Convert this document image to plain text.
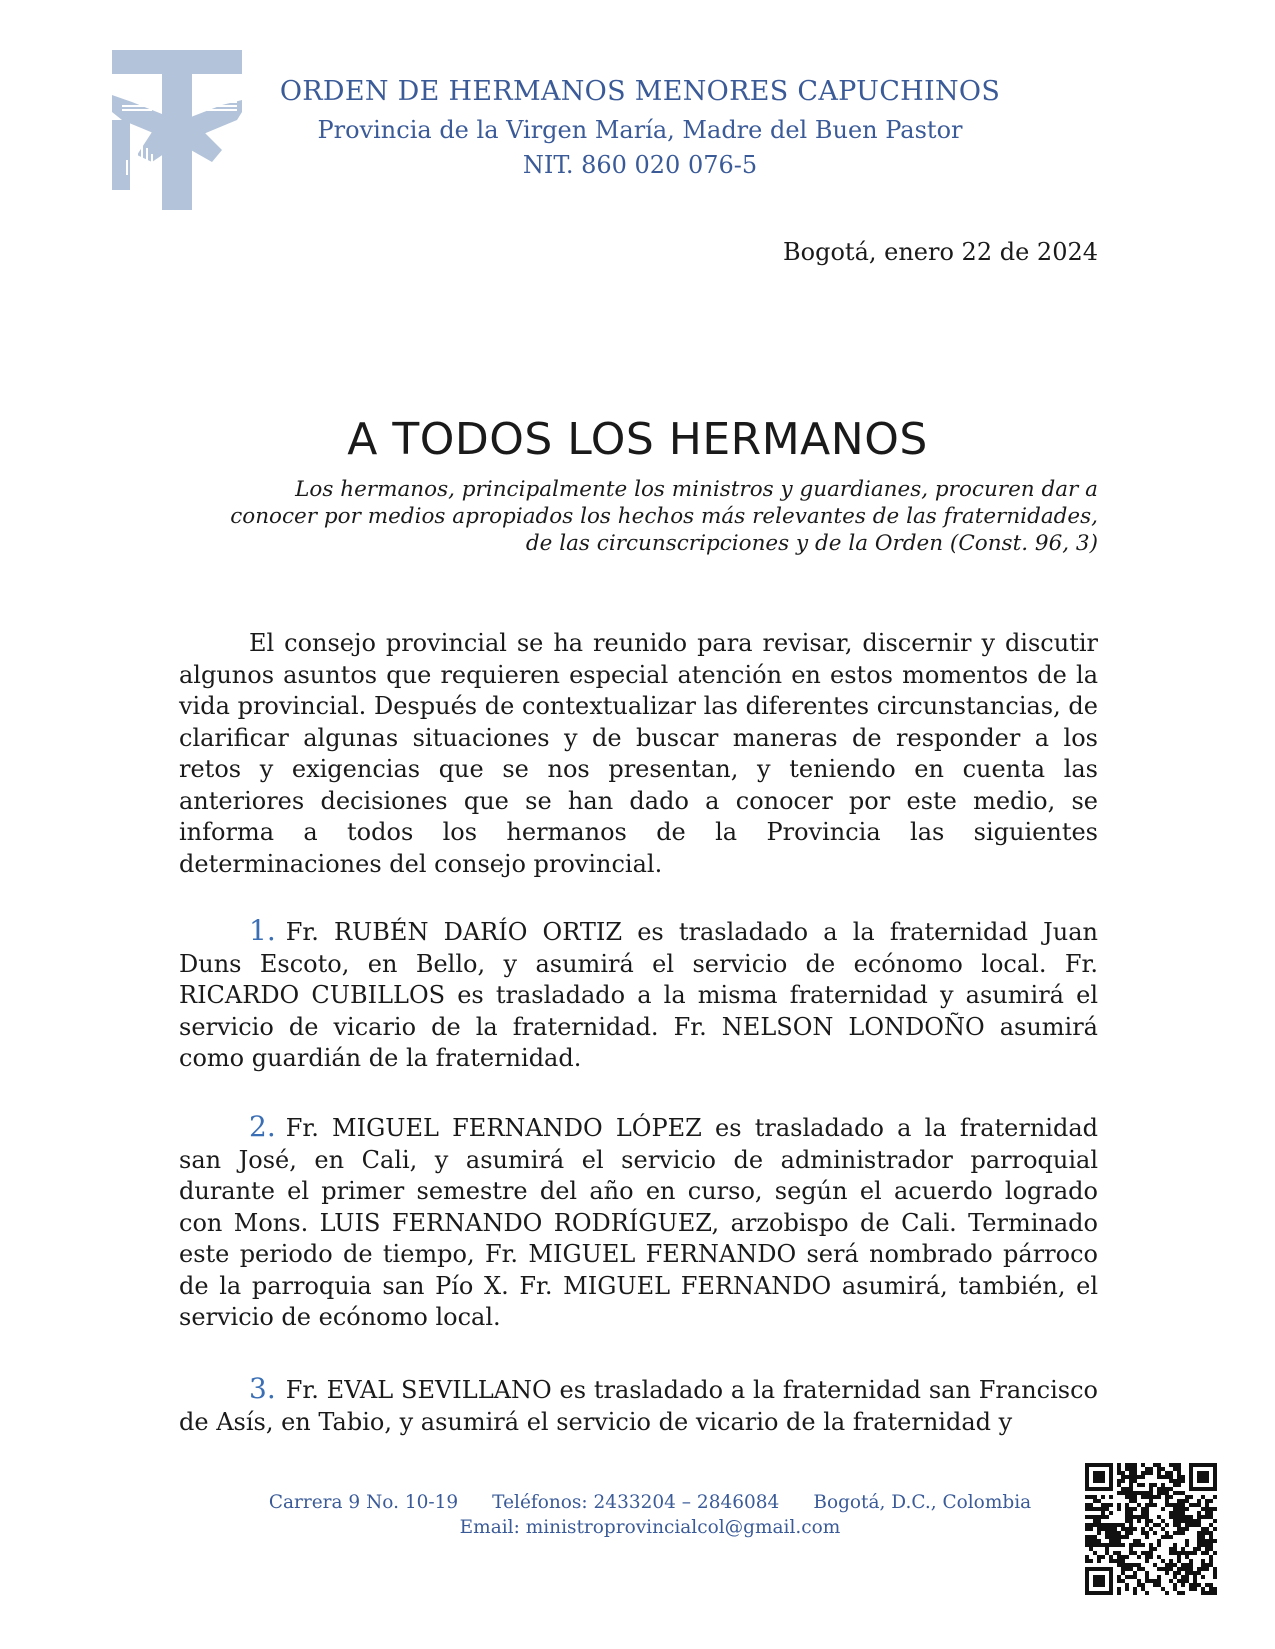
ORDEN DE HERMANOS MENORES CAPUCHINOS
Provincia de la Virgen María, Madre del Buen Pastor
NIT. 860 020 076-5
Bogotá, enero 22 de 2024
A TODOS LOS HERMANOS
Los hermanos, principalmente los ministros y guardianes, procuren dar a
conocer por medios apropiados los hechos más relevantes de las fraternidades,
de las circunscripciones y de la Orden (Const. 96, 3)

El consejo provincial se ha reunido para revisar, discernir y discutir algunos asuntos que requieren especial atención en estos momentos de la vida provincial. Después de contextualizar las diferentes circunstancias, de clarificar algunas situaciones y de buscar maneras de responder a los retos y exigencias que se nos presentan, y teniendo en cuenta las anteriores decisiones que se han dado a conocer por este medio, se informa a todos los hermanos de la Provincia las siguientes determinaciones del consejo provincial.

1. Fr. RUBÉN DARÍO ORTIZ es trasladado a la fraternidad Juan Duns Escoto, en Bello, y asumirá el servicio de ecónomo local. Fr. RICARDO CUBILLOS es trasladado a la misma fraternidad y asumirá el servicio de vicario de la fraternidad. Fr. NELSON LONDOÑO asumirá como guardián de la fraternidad.

2. Fr. MIGUEL FERNANDO LÓPEZ es trasladado a la fraternidad san José, en Cali, y asumirá el servicio de administrador parroquial durante el primer semestre del año en curso, según el acuerdo logrado con Mons. LUIS FERNANDO RODRÍGUEZ, arzobispo de Cali. Terminado este periodo de tiempo, Fr. MIGUEL FERNANDO será nombrado párroco de la parroquia san Pío X. Fr. MIGUEL FERNANDO asumirá, también, el servicio de ecónomo local.

3. Fr. EVAL SEVILLANO es trasladado a la fraternidad san Francisco de Asís, en Tabio, y asumirá el servicio de vicario de la fraternidad y

Carrera 9 No. 10-19 Teléfonos: 2433204 – 2846084 Bogotá, D.C., Colombia
Email: ministroprovincialcol@gmail.com
